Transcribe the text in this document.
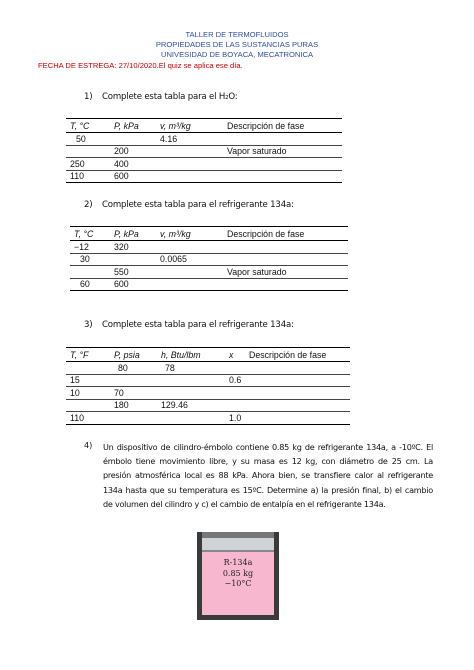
TALLER DE TERMOFLUIDOS
PROPIEDADES DE LAS SUSTANCIAS PURAS
UNIVESIDAD DE BOYACA, MECATRONICA
FECHA DE ESTREGA: 27/10/2020.El quiz se aplica ese día.
1) Complete esta tabla para el H₂O:
T, °C	P, kPa	v, m³/kg	Descripción de fase
50		4.16	
	200		Vapor saturado
250	400		
110	600		
2) Complete esta tabla para el refrigerante 134a:
T, °C	P, kPa	v, m³/kg	Descripción de fase
−12	320		
30		0.0065	
	550		Vapor saturado
60	600		
3) Complete esta tabla para el refrigerante 134a:
T, °F	P, psia	h, Btu/lbm	x	Descripción de fase
	80	78		
15			0.6	
10	70			
	180	129.46		
110			1.0	
4) Un dispositivo de cilindro-émbolo contiene 0.85 kg de refrigerante 134a, a -10ºC. El émbolo tiene movimiento libre, y su masa es 12 kg, con diámetro de 25 cm. La presión atmosférica local es 88 kPa. Ahora bien, se transfiere calor al refrigerante 134a hasta que su temperatura es 15ºC. Determine a) la presión final, b) el cambio de volumen del cilindro y c) el cambio de entalpía en el refrigerante 134a.
R-134a
0.85 kg
−10°C
